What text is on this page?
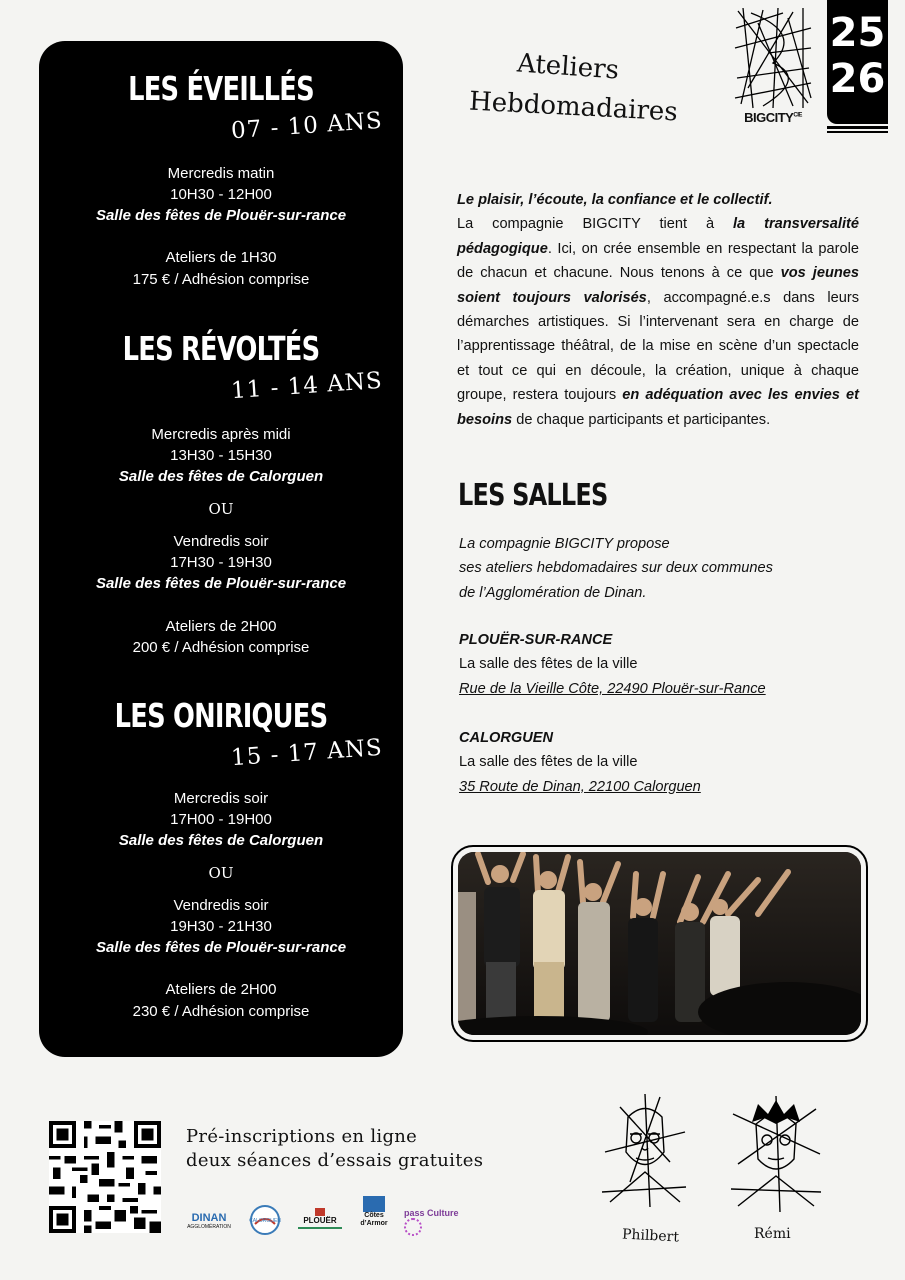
LES ÉVEILLÉS
07 - 10 ANS
Mercredis matin
10H30 - 12H00
Salle des fêtes de Plouër-sur-rance
Ateliers de 1H30
175 € / Adhésion comprise
LES RÉVOLTÉS
11 - 14 ANS
Mercredis après midi
13H30 - 15H30
Salle des fêtes de Calorguen
OU
Vendredis soir
17H30 - 19H30
Salle des fêtes de Plouër-sur-rance
Ateliers de 2H00
200 € / Adhésion comprise
LES ONIRIQUES
15 - 17 ANS
Mercredis soir
17H00 - 19H00
Salle des fêtes de Calorguen
OU
Vendredis soir
19H30 - 21H30
Salle des fêtes de Plouër-sur-rance
Ateliers de 2H00
230 € / Adhésion comprise
Ateliers
Hebdomadaires	$BIGCITY^{CIE}$
25
26
Le plaisir, l’écoute, la confiance et le collectif.
La compagnie BIGCITY tient à la transversalité pédagogique. Ici, on crée ensemble en respectant la parole de chacun et chacune. Nous tenons à ce que vos jeunes soient toujours valorisés, accompagné.e.s dans leurs démarches artistiques. Si l’intervenant sera en charge de l’apprentissage théâtral, de la mise en scène d’un spectacle et tout ce qui en découle, la création, unique à chaque groupe, restera toujours en adéquation avec les envies et besoins de chaque participants et participantes.
LES SALLES
La compagnie BIGCITY propose
ses ateliers hebdomadaires sur deux communes
de l’Agglomération de Dinan.
PLOUËR-SUR-RANCE
La salle des fêtes de la ville
Rue de la Vieille Côte, 22490 Plouër-sur-Rance
CALORGUEN
La salle des fêtes de la ville
35 Route de Dinan, 22100 Calorguen
Pré-inscriptions en ligne
deux séances d’essais gratuites
DINAN
AGGLOMÉRATION
CALORGUEN	PLOUËR
Côtes d’Armor
pass Culture
Philbert	Rémi
